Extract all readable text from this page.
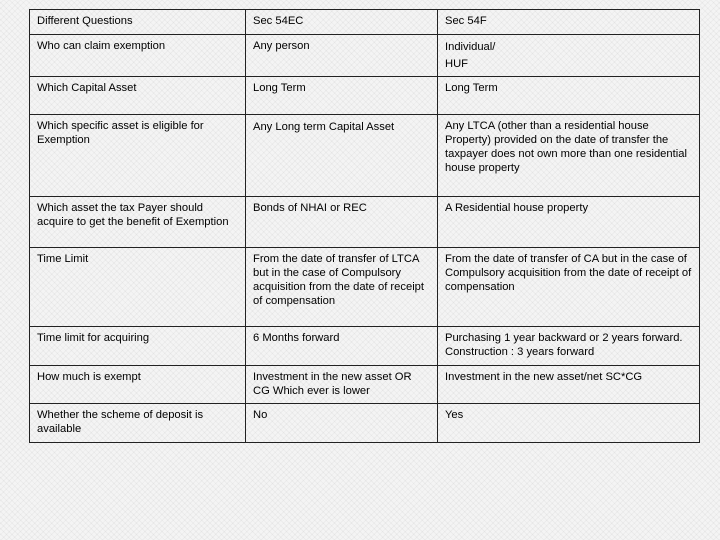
Different Questions	Sec 54EC	Sec 54F
Who can claim exemption	Any person	Individual/
HUF
Which Capital Asset	Long Term	Long Term
Which specific asset is eligible for Exemption	Any Long term Capital Asset	Any LTCA (other than a residential house Property) provided on the date of transfer the taxpayer does not own more than one residential house property
Which asset the tax Payer should acquire to get the benefit of Exemption	Bonds of NHAI or REC	A Residential house property
Time Limit	From the date of transfer of LTCA but in the case of Compulsory acquisition from the date of receipt of compensation	From the date of transfer of CA but in the case of Compulsory acquisition from the date of receipt of compensation
Time limit for acquiring	6 Months forward	Purchasing 1 year backward or 2 years forward. Construction : 3 years forward
How much is exempt	Investment in the new asset OR CG Which ever is lower	Investment in the new asset/net SC*CG
Whether the scheme of deposit is available	No	Yes
